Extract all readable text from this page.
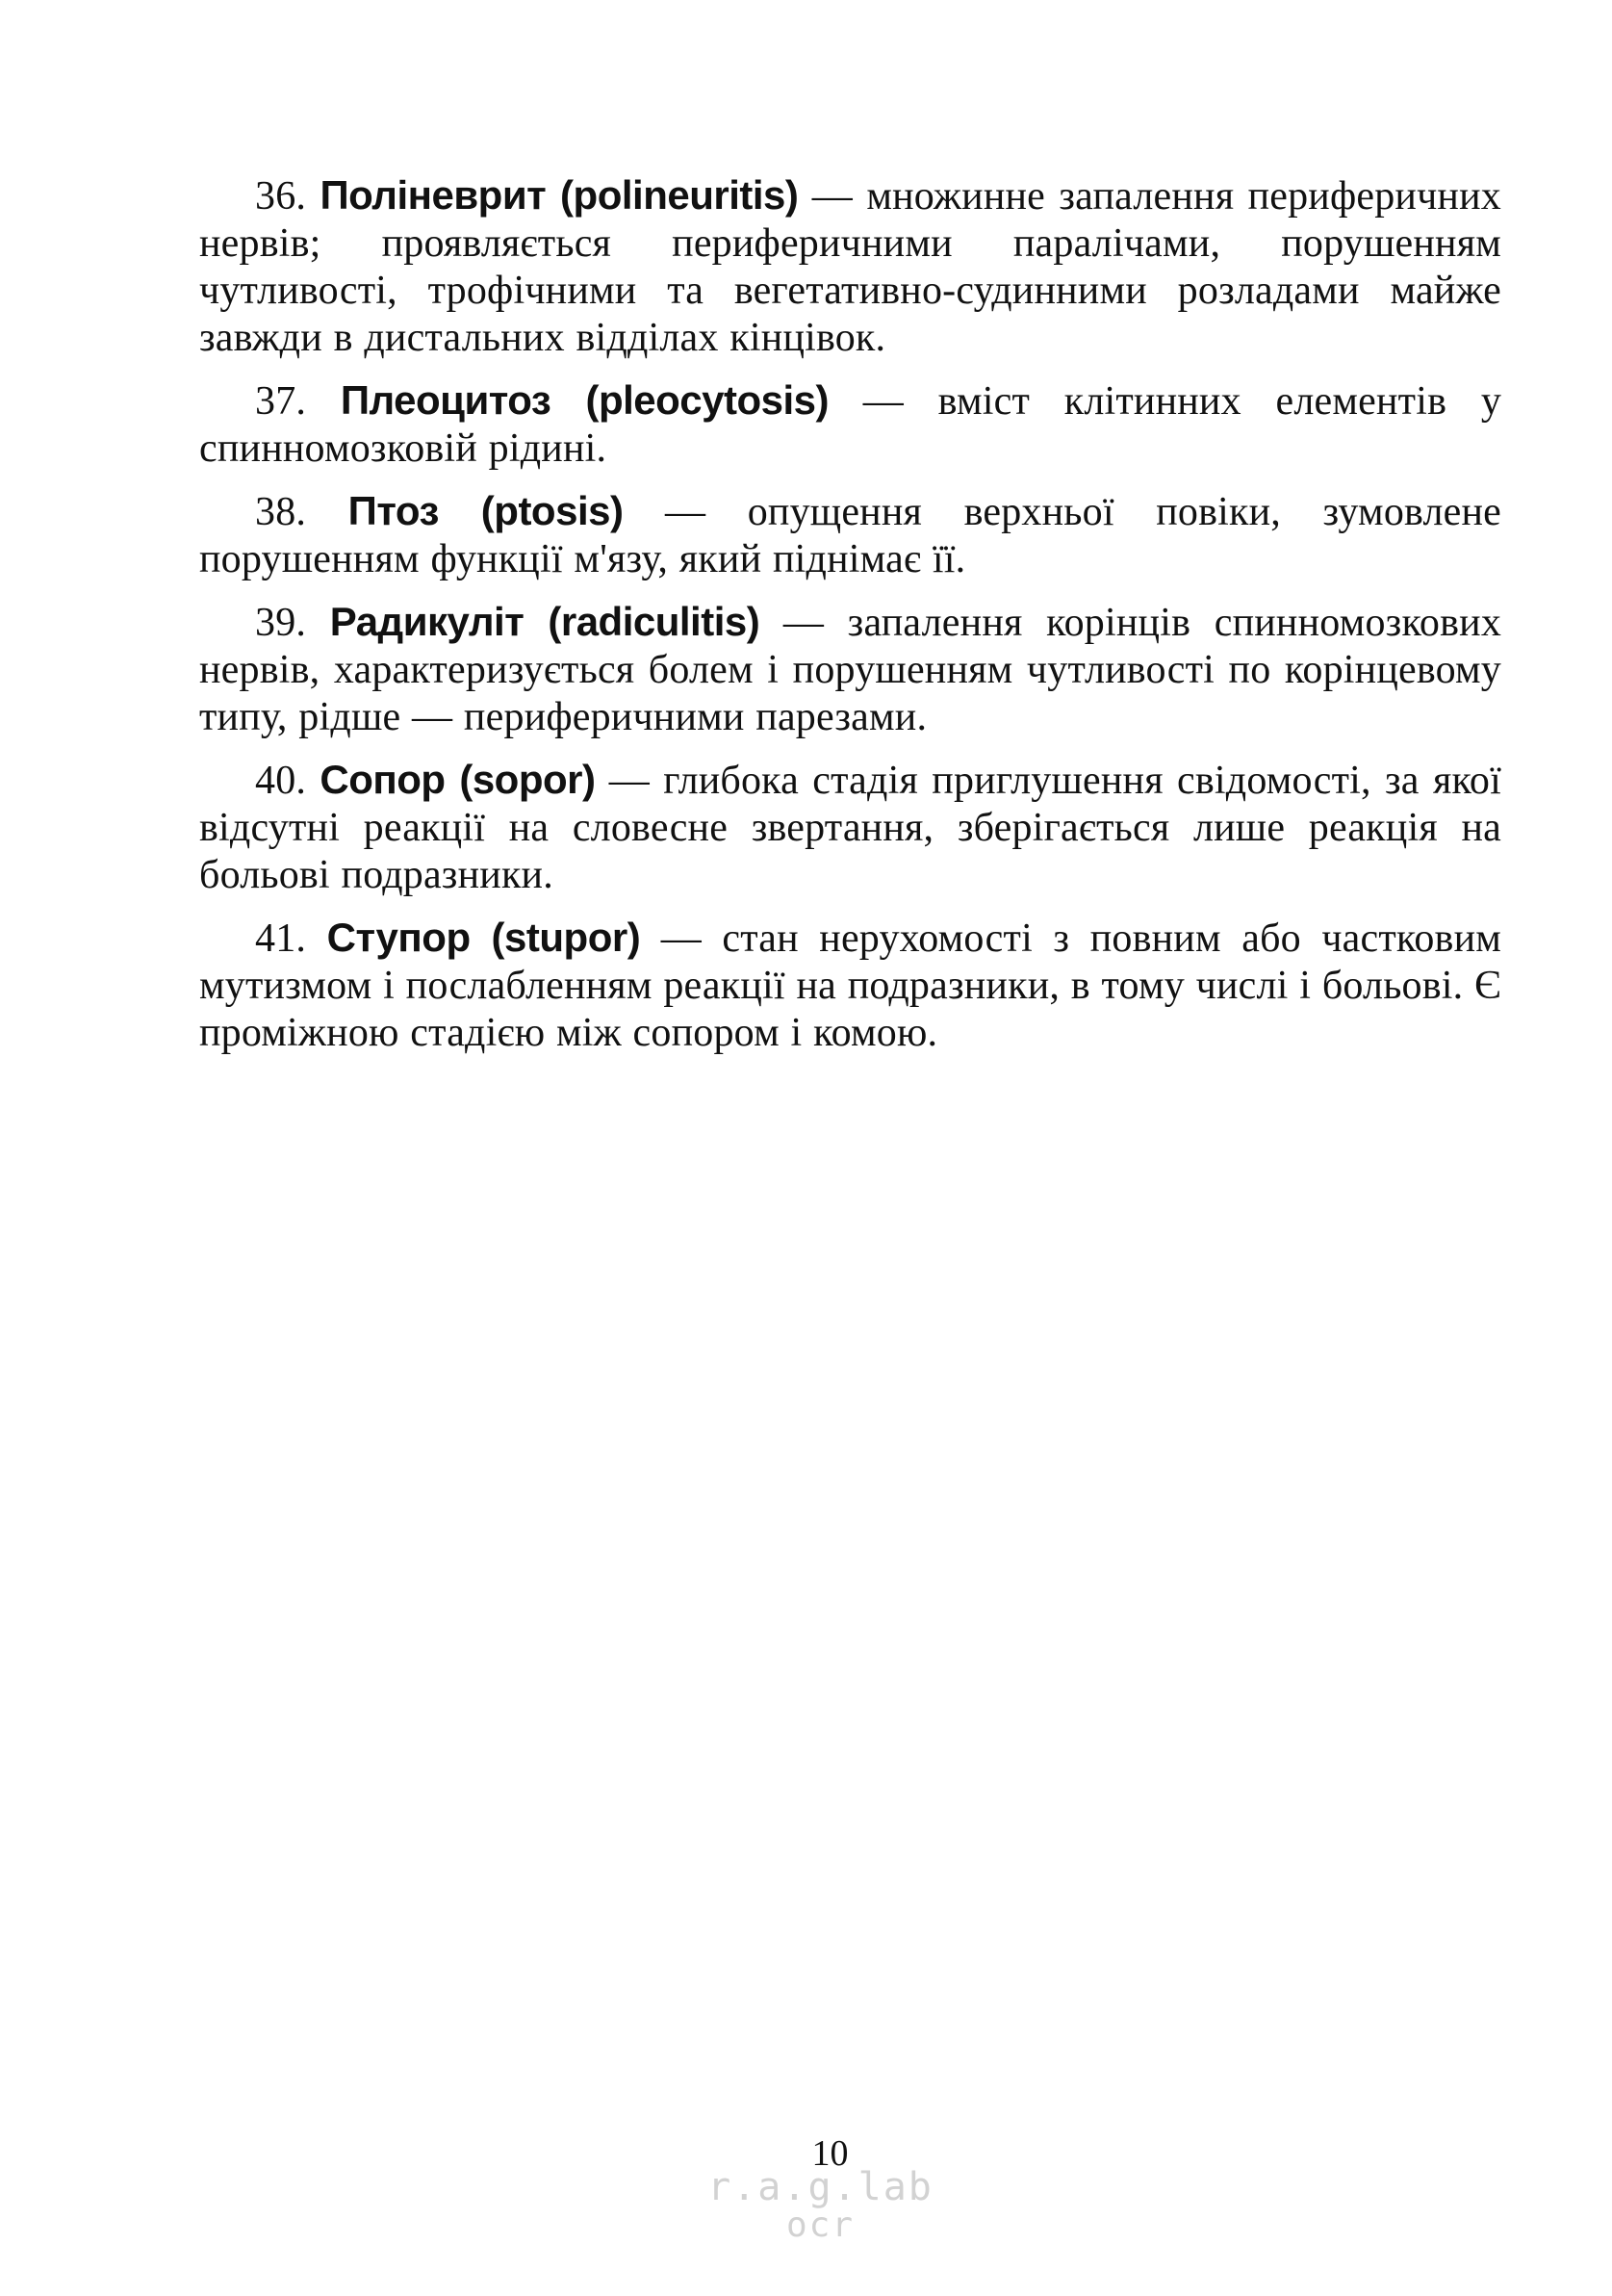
36. Поліневрит (polineuritis) — множинне запалення периферичних нервів; проявляється периферичними паралічами, порушенням чутливості, трофічними та вегетативно-судинними розладами майже завжди в дистальних відділах кінцівок.

37. Плеоцитоз (pleocytosis) — вміст клітинних елементів у спинномозковій рідині.

38. Птоз (ptosis) — опущення верхньої повіки, зумовлене порушенням функції м'язу, який піднімає її.

39. Радикуліт (radiculitis) — запалення корінців спинномозкових нервів, характеризується болем і порушенням чутливості по корінцевому типу, рідше — периферичними парезами.

40. Сопор (sopor) — глибока стадія приглушення свідомості, за якої відсутні реакції на словесне звертання, зберігається лише реакція на больові подразники.

41. Ступор (stupor) — стан нерухомості з повним або частковим мутизмом і послабленням реакції на подразники, в тому числі і больові. Є проміжною стадією між сопором і комою.

10
r.a.g.lab
ocr
